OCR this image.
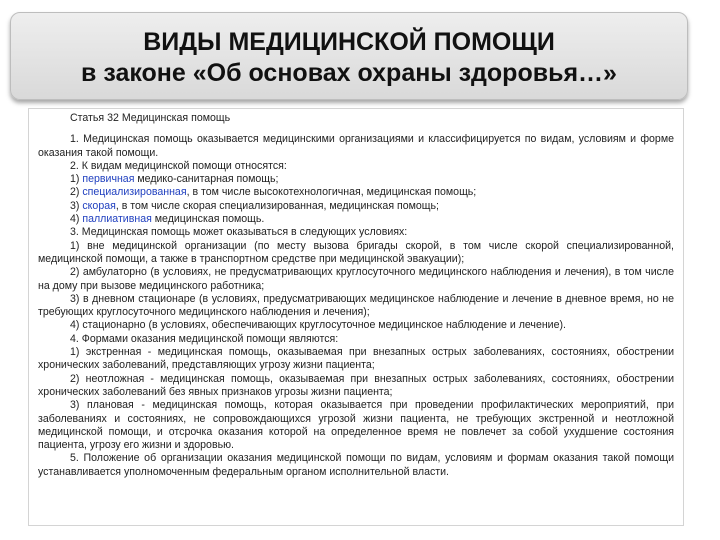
ВИДЫ МЕДИЦИНСКОЙ ПОМОЩИ
в законе «Об основах охраны здоровья…»

Статья 32 Медицинская помощь

1. Медицинская помощь оказывается медицинскими организациями и классифицируется по видам, условиям и форме оказания такой помощи.

2. К видам медицинской помощи относятся:

1) первичная медико-санитарная помощь;

2) специализированная, в том числе высокотехнологичная, медицинская помощь;

3) скорая, в том числе скорая специализированная, медицинская помощь;

4) паллиативная медицинская помощь.

3. Медицинская помощь может оказываться в следующих условиях:

1) вне медицинской организации (по месту вызова бригады скорой, в том числе скорой специализированной, медицинской помощи, а также в транспортном средстве при медицинской эвакуации);

2) амбулаторно (в условиях, не предусматривающих круглосуточного медицинского наблюдения и лечения), в том числе на дому при вызове медицинского работника;

3) в дневном стационаре (в условиях, предусматривающих медицинское наблюдение и лечение в дневное время, но не требующих круглосуточного медицинского наблюдения и лечения);

4) стационарно (в условиях, обеспечивающих круглосуточное медицинское наблюдение и лечение).

4. Формами оказания медицинской помощи являются:

1) экстренная - медицинская помощь, оказываемая при внезапных острых заболеваниях, состояниях, обострении хронических заболеваний, представляющих угрозу жизни пациента;

2) неотложная - медицинская помощь, оказываемая при внезапных острых заболеваниях, состояниях, обострении хронических заболеваний без явных признаков угрозы жизни пациента;

3) плановая - медицинская помощь, которая оказывается при проведении профилактических мероприятий, при заболеваниях и состояниях, не сопровождающихся угрозой жизни пациента, не требующих экстренной и неотложной медицинской помощи, и отсрочка оказания которой на определенное время не повлечет за собой ухудшение состояния пациента, угрозу его жизни и здоровью.

5. Положение об организации оказания медицинской помощи по видам, условиям и формам оказания такой помощи устанавливается уполномоченным федеральным органом исполнительной власти.
